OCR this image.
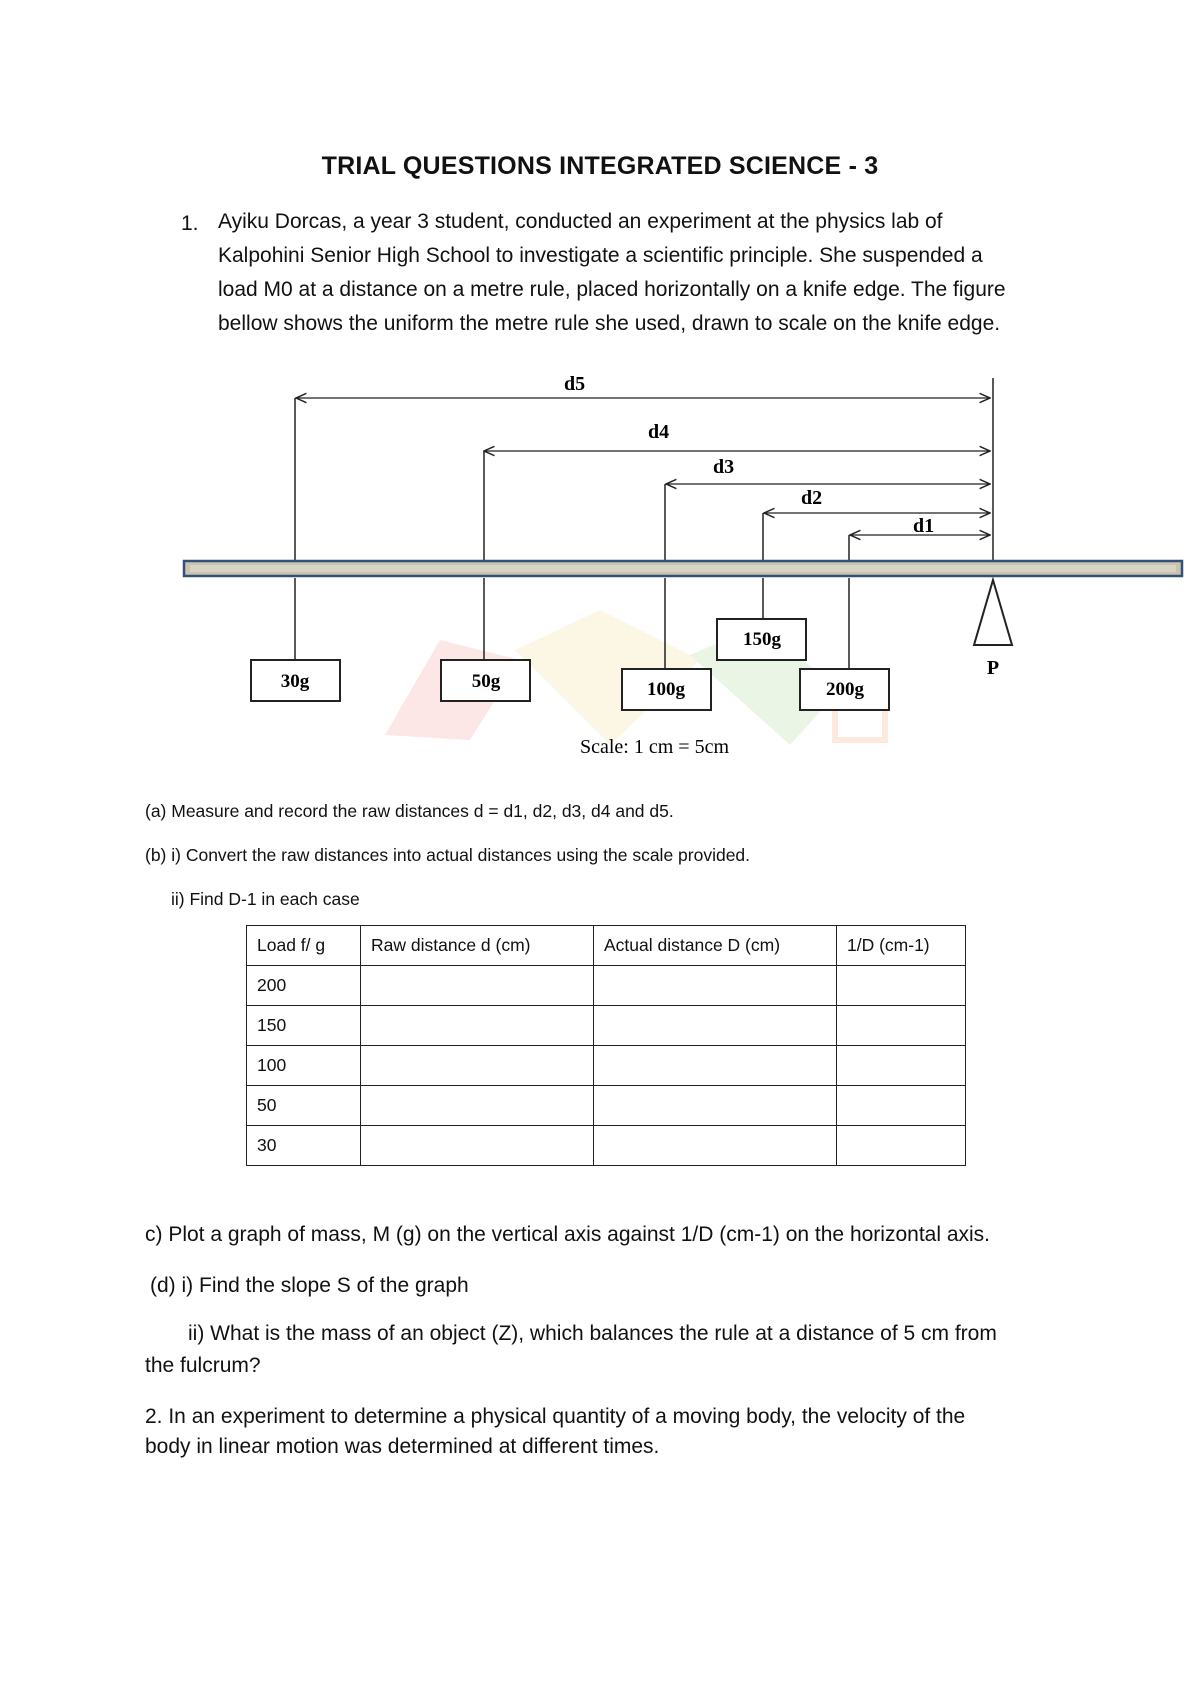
TRIAL QUESTIONS INTEGRATED SCIENCE - 3
1. Ayiku Dorcas, a year 3 student, conducted an experiment at the physics lab of
Kalpohini Senior High School to investigate a scientific principle. She suspended a
load M0 at a distance on a metre rule, placed horizontally on a knife edge. The figure
bellow shows the uniform the metre rule she used, drawn to scale on the knife edge.
d5
d4
d3
d2
d1
30g	50g	100g
150g
200g
P
Scale: 1 cm = 5cm
(a) Measure and record the raw distances d = d1, d2, d3, d4 and d5.
(b) i) Convert the raw distances into actual distances using the scale provided.
ii) Find D-1 in each case
Load f/ g	Raw distance d (cm)	Actual distance D (cm)	1/D (cm-1)
200			
150			
100			
50			
30			
c) Plot a graph of mass, M (g) on the vertical axis against 1/D (cm-1) on the horizontal axis.
(d) i) Find the slope S of the graph
ii) What is the mass of an object (Z), which balances the rule at a distance of 5 cm from
the fulcrum?
2. In an experiment to determine a physical quantity of a moving body, the velocity of the
body in linear motion was determined at different times.
